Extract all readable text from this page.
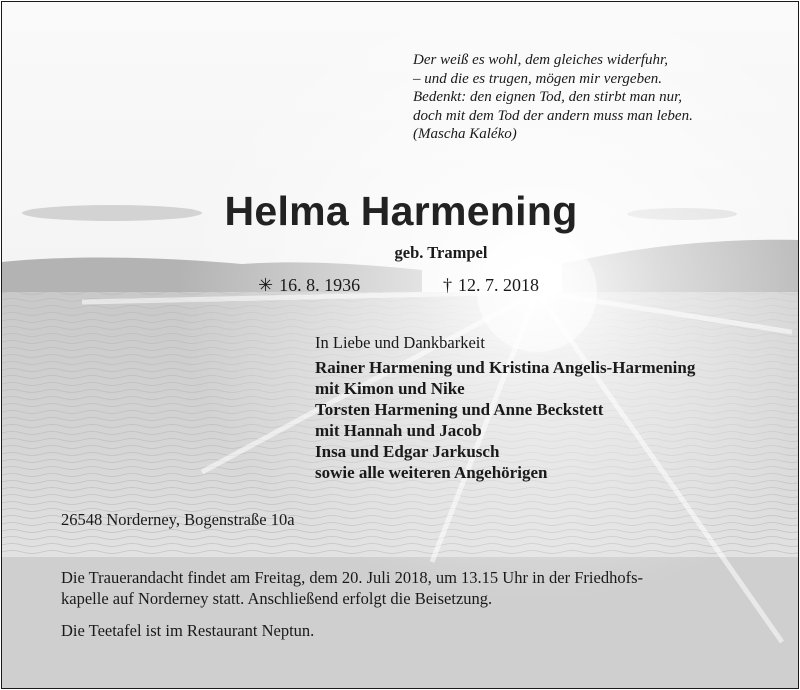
Der weiß es wohl, dem gleiches widerfuhr,
– und die es trugen, mögen mir vergeben.
Bedenkt: den eignen Tod, den stirbt man nur,
doch mit dem Tod der andern muss man leben.
(Mascha Kaléko)
Helma Harmening
geb. Trampel
✳ 16. 8. 1936	† 12. 7. 2018
In Liebe und Dankbarkeit
Rainer Harmening und Kristina Angelis-Harmening
mit Kimon und Nike
Torsten Harmening und Anne Beckstett
mit Hannah und Jacob
Insa und Edgar Jarkusch
sowie alle weiteren Angehörigen
26548 Norderney, Bogenstraße 10a
Die Trauerandacht findet am Freitag, dem 20. Juli 2018, um 13.15 Uhr in der Friedhofs-
kapelle auf Norderney statt. Anschließend erfolgt die Beisetzung.
Die Teetafel ist im Restaurant Neptun.
